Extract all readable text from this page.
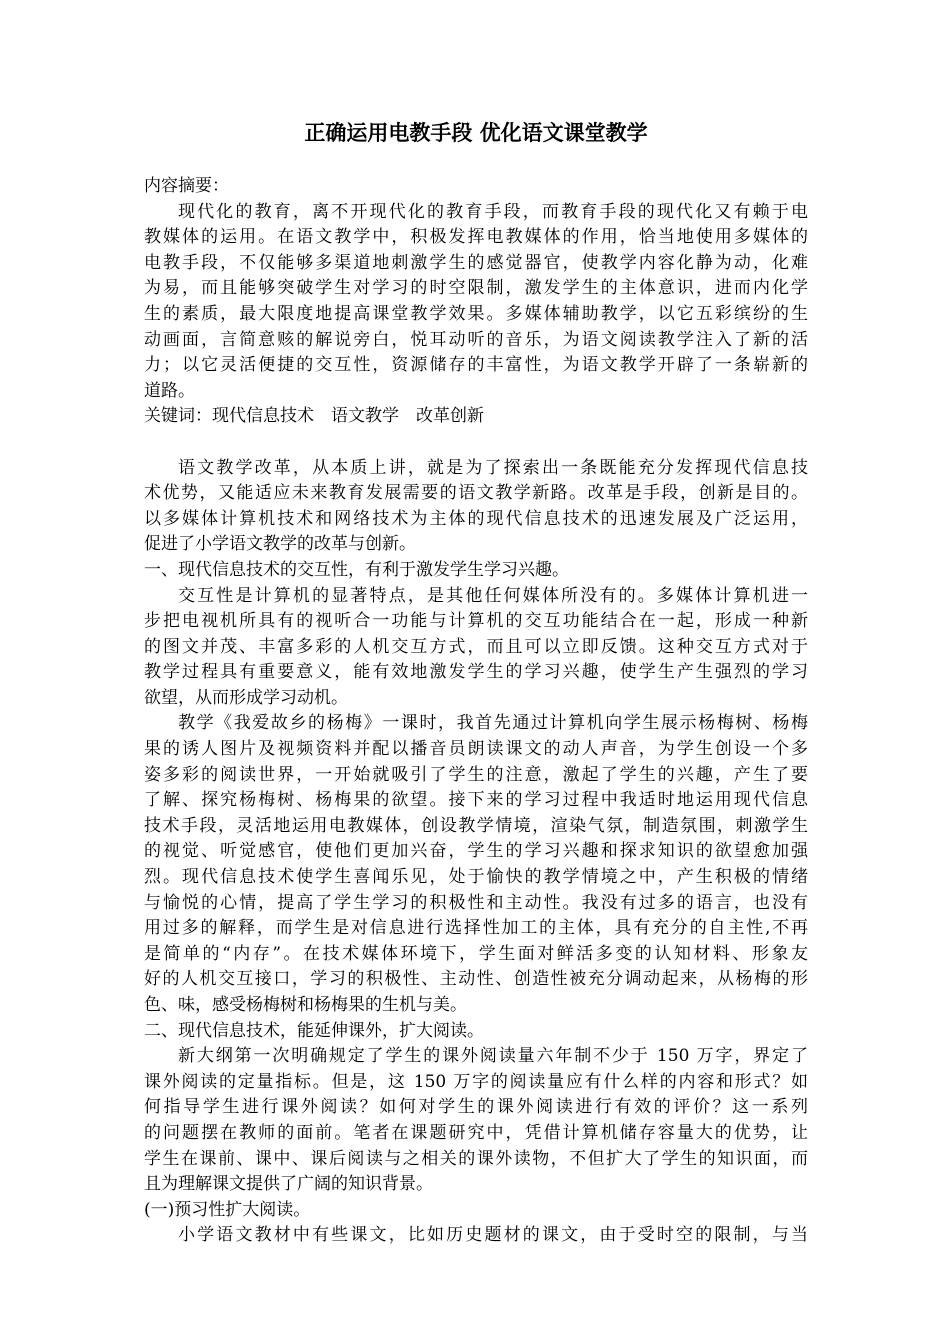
正确运用电教手段 优化语文课堂教学

内容摘要：

现代化的教育，离不开现代化的教育手段，而教育手段的现代化又有赖于电

教媒体的运用。在语文教学中，积极发挥电教媒体的作用，恰当地使用多媒体的

电教手段，不仅能够多渠道地刺激学生的感觉器官，使教学内容化静为动，化难

为易，而且能够突破学生对学习的时空限制，激发学生的主体意识，进而内化学

生的素质，最大限度地提高课堂教学效果。多媒体辅助教学，以它五彩缤纷的生

动画面，言简意赅的解说旁白，悦耳动听的音乐，为语文阅读教学注入了新的活

力；以它灵活便捷的交互性，资源储存的丰富性，为语文教学开辟了一条崭新的

道路。

关键词：现代信息技术　语文教学　改革创新

语文教学改革，从本质上讲，就是为了探索出一条既能充分发挥现代信息技

术优势，又能适应未来教育发展需要的语文教学新路。改革是手段，创新是目的。

以多媒体计算机技术和网络技术为主体的现代信息技术的迅速发展及广泛运用，

促进了小学语文教学的改革与创新。

一、现代信息技术的交互性，有利于激发学生学习兴趣。

交互性是计算机的显著特点，是其他任何媒体所没有的。多媒体计算机进一

步把电视机所具有的视听合一功能与计算机的交互功能结合在一起，形成一种新

的图文并茂、丰富多彩的人机交互方式，而且可以立即反馈。这种交互方式对于

教学过程具有重要意义，能有效地激发学生的学习兴趣，使学生产生强烈的学习

欲望，从而形成学习动机。

教学《我爱故乡的杨梅》一课时，我首先通过计算机向学生展示杨梅树、杨梅

果的诱人图片及视频资料并配以播音员朗读课文的动人声音，为学生创设一个多

姿多彩的阅读世界，一开始就吸引了学生的注意，激起了学生的兴趣，产生了要

了解、探究杨梅树、杨梅果的欲望。接下来的学习过程中我适时地运用现代信息

技术手段，灵活地运用电教媒体，创设教学情境，渲染气氛，制造氛围，刺激学生

的视觉、听觉感官，使他们更加兴奋，学生的学习兴趣和探求知识的欲望愈加强

烈。现代信息技术使学生喜闻乐见，处于愉快的教学情境之中，产生积极的情绪

与愉悦的心情，提高了学生学习的积极性和主动性。我没有过多的语言，也没有

用过多的解释，而学生是对信息进行选择性加工的主体，具有充分的自主性,不再

是简单的“内存”。在技术媒体环境下，学生面对鲜活多变的认知材料、形象友

好的人机交互接口，学习的积极性、主动性、创造性被充分调动起来，从杨梅的形

色、味，感受杨梅树和杨梅果的生机与美。

二、现代信息技术，能延伸课外，扩大阅读。

新大纲第一次明确规定了学生的课外阅读量六年制不少于 150 万字，界定了

课外阅读的定量指标。但是，这 150 万字的阅读量应有什么样的内容和形式？如

何指导学生进行课外阅读？如何对学生的课外阅读进行有效的评价？这一系列

的问题摆在教师的面前。笔者在课题研究中，凭借计算机储存容量大的优势，让

学生在课前、课中、课后阅读与之相关的课外读物，不但扩大了学生的知识面，而

且为理解课文提供了广阔的知识背景。

(一)预习性扩大阅读。

小学语文教材中有些课文，比如历史题材的课文，由于受时空的限制，与当
